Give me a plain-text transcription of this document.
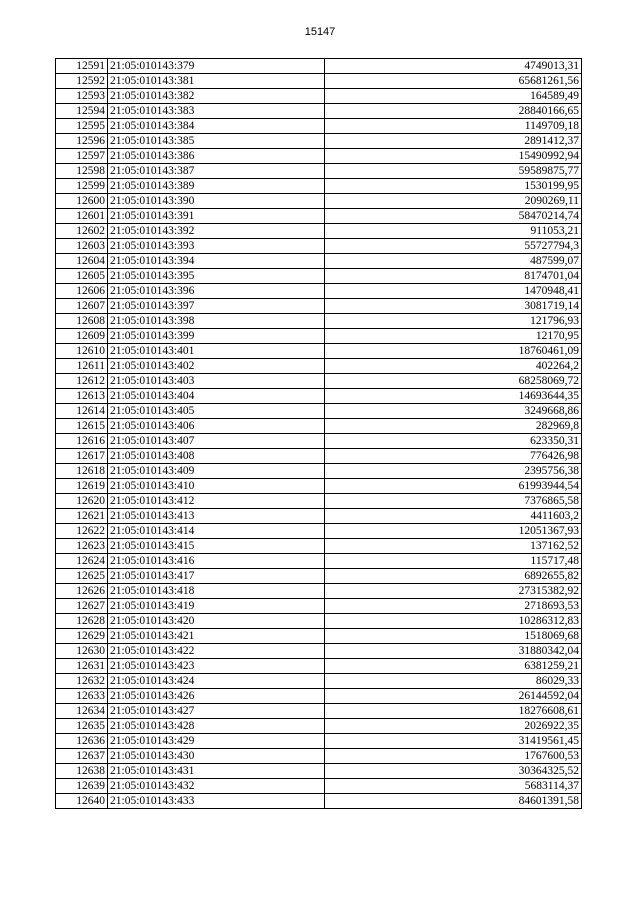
15147
12591	21:05:010143:379	4749013,31
12592	21:05:010143:381	65681261,56
12593	21:05:010143:382	164589,49
12594	21:05:010143:383	28840166,65
12595	21:05:010143:384	1149709,18
12596	21:05:010143:385	2891412,37
12597	21:05:010143:386	15490992,94
12598	21:05:010143:387	59589875,77
12599	21:05:010143:389	1530199,95
12600	21:05:010143:390	2090269,11
12601	21:05:010143:391	58470214,74
12602	21:05:010143:392	911053,21
12603	21:05:010143:393	55727794,3
12604	21:05:010143:394	487599,07
12605	21:05:010143:395	8174701,04
12606	21:05:010143:396	1470948,41
12607	21:05:010143:397	3081719,14
12608	21:05:010143:398	121796,93
12609	21:05:010143:399	12170,95
12610	21:05:010143:401	18760461,09
12611	21:05:010143:402	402264,2
12612	21:05:010143:403	68258069,72
12613	21:05:010143:404	14693644,35
12614	21:05:010143:405	3249668,86
12615	21:05:010143:406	282969,8
12616	21:05:010143:407	623350,31
12617	21:05:010143:408	776426,98
12618	21:05:010143:409	2395756,38
12619	21:05:010143:410	61993944,54
12620	21:05:010143:412	7376865,58
12621	21:05:010143:413	4411603,2
12622	21:05:010143:414	12051367,93
12623	21:05:010143:415	137162,52
12624	21:05:010143:416	115717,48
12625	21:05:010143:417	6892655,82
12626	21:05:010143:418	27315382,92
12627	21:05:010143:419	2718693,53
12628	21:05:010143:420	10286312,83
12629	21:05:010143:421	1518069,68
12630	21:05:010143:422	31880342,04
12631	21:05:010143:423	6381259,21
12632	21:05:010143:424	86029,33
12633	21:05:010143:426	26144592,04
12634	21:05:010143:427	18276608,61
12635	21:05:010143:428	2026922,35
12636	21:05:010143:429	31419561,45
12637	21:05:010143:430	1767600,53
12638	21:05:010143:431	30364325,52
12639	21:05:010143:432	5683114,37
12640	21:05:010143:433	84601391,58
